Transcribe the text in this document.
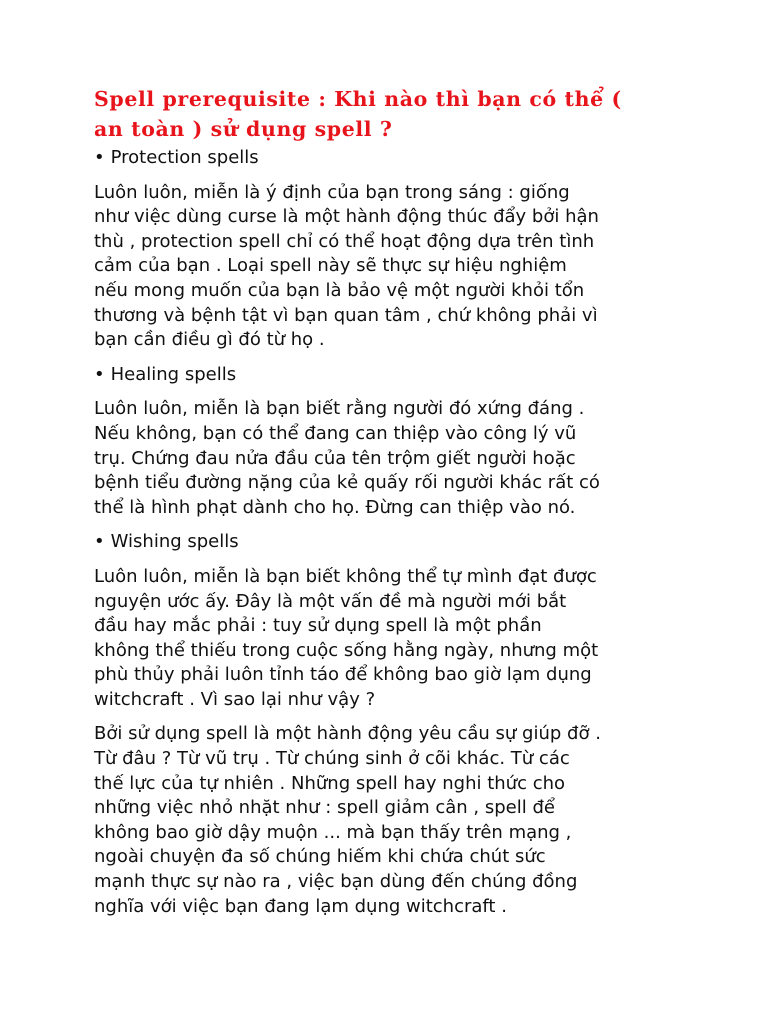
Spell prerequisite : Khi nào thì bạn có thể (
an toàn ) sử dụng spell ?

•Protection spells

Luôn luôn, miễn là ý định của bạn trong sáng : giống
như việc dùng curse là một hành động thúc đẩy bởi hận
thù , protection spell chỉ có thể hoạt động dựa trên tình
cảm của bạn . Loại spell này sẽ thực sự hiệu nghiệm
nếu mong muốn của bạn là bảo vệ một người khỏi tổn
thương và bệnh tật vì bạn quan tâm , chứ không phải vì
bạn cần điều gì đó từ họ .

•Healing spells

Luôn luôn, miễn là bạn biết rằng người đó xứng đáng .
Nếu không, bạn có thể đang can thiệp vào công lý vũ
trụ. Chứng đau nửa đầu của tên trộm giết người hoặc
bệnh tiểu đường nặng của kẻ quấy rối người khác rất có
thể là hình phạt dành cho họ. Đừng can thiệp vào nó.

•Wishing spells

Luôn luôn, miễn là bạn biết không thể tự mình đạt được
nguyện ước ấy. Đây là một vấn đề mà người mới bắt
đầu hay mắc phải : tuy sử dụng spell là một phần
không thể thiếu trong cuộc sống hằng ngày, nhưng một
phù thủy phải luôn tỉnh táo để không bao giờ lạm dụng
witchcraft . Vì sao lại như vậy ?

Bởi sử dụng spell là một hành động yêu cầu sự giúp đỡ .
Từ đâu ? Từ vũ trụ . Từ chúng sinh ở cõi khác. Từ các
thế lực của tự nhiên . Những spell hay nghi thức cho
những việc nhỏ nhặt như : spell giảm cân , spell để
không bao giờ dậy muộn ... mà bạn thấy trên mạng ,
ngoài chuyện đa số chúng hiếm khi chứa chút sức
mạnh thực sự nào ra , việc bạn dùng đến chúng đồng
nghĩa với việc bạn đang lạm dụng witchcraft .
